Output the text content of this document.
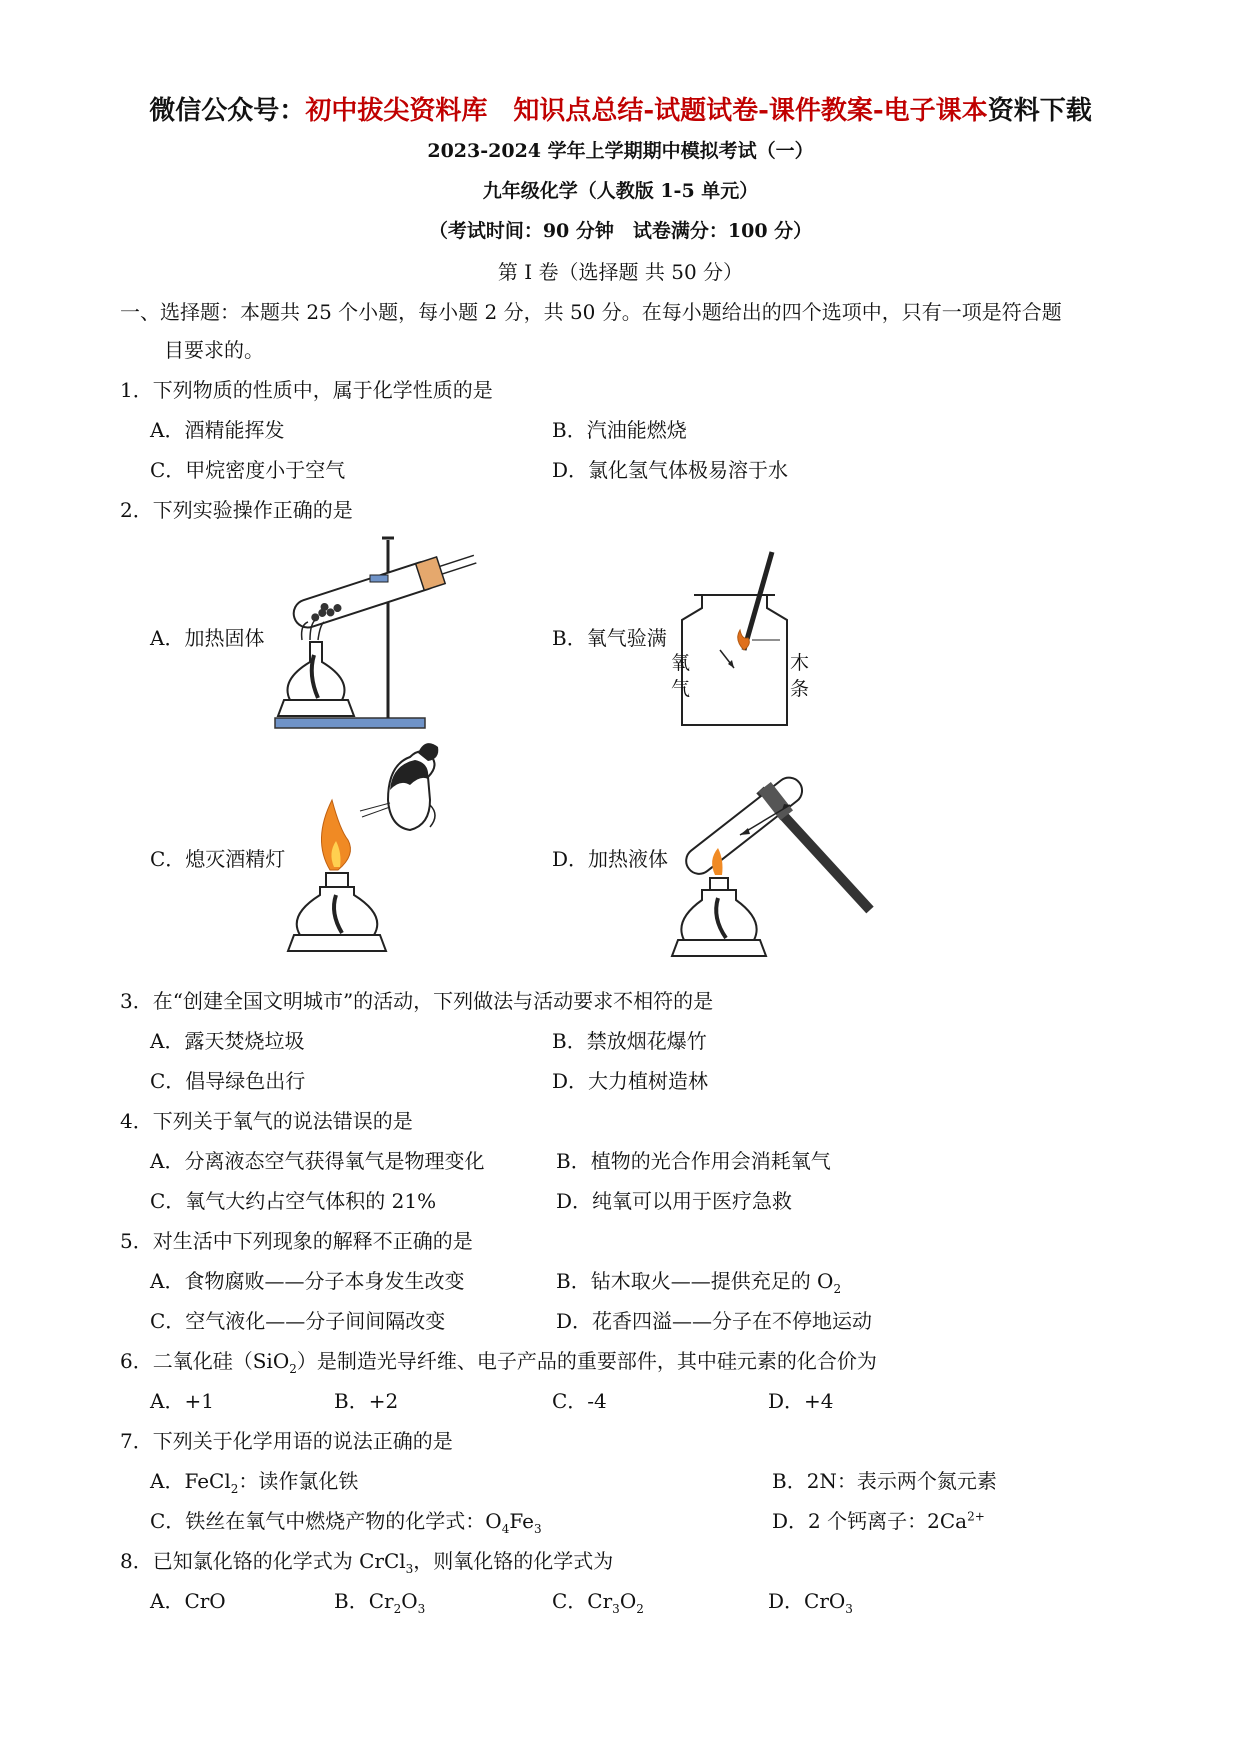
微信公众号：初中拔尖资料库　知识点总结-试题试卷-课件教案-电子课本资料下载
2023-2024 学年上学期期中模拟考试（一）
九年级化学（人教版 1-5 单元）
（考试时间：90 分钟　试卷满分：100 分）
第 I 卷（选择题 共 50 分）
一、选择题：本题共 25 个小题，每小题 2 分，共 50 分。在每小题给出的四个选项中，只有一项是符合题
目要求的。
1．下列物质的性质中，属于化学性质的是
A．酒精能挥发	B．汽油能燃烧
C．甲烷密度小于空气	D．氯化氢气体极易溶于水
2．下列实验操作正确的是
A．加热固体	B．氧气验满
C．熄灭酒精灯	D．加热液体
氧
气
木
条
3．在“创建全国文明城市”的活动，下列做法与活动要求不相符的是
A．露天焚烧垃圾	B．禁放烟花爆竹
C．倡导绿色出行	D．大力植树造林
4．下列关于氧气的说法错误的是
A．分离液态空气获得氧气是物理变化	B．植物的光合作用会消耗氧气
C．氧气大约占空气体积的 21%	D．纯氧可以用于医疗急救
5．对生活中下列现象的解释不正确的是
A．食物腐败——分子本身发生改变	B．钻木取火——提供充足的 $O_2$
C．空气液化——分子间间隔改变	D．花香四溢——分子在不停地运动
6．二氧化硅（SiO$_2$）是制造光导纤维、电子产品的重要部件，其中硅元素的化合价为
A．+1	B．+2	C．-4	D．+4
7．下列关于化学用语的说法正确的是
A．FeCl$_2$：读作氯化铁	B．2N：表示两个氮元素
C．铁丝在氧气中燃烧产物的化学式：$O_4Fe_3$	D．2 个钙离子：$2Ca^{2+}$
8．已知氯化铬的化学式为 CrCl$_3$，则氧化铬的化学式为
A．CrO	B．$Cr_2O_3$	C．$Cr_3O_2$	D．CrO$_3$
